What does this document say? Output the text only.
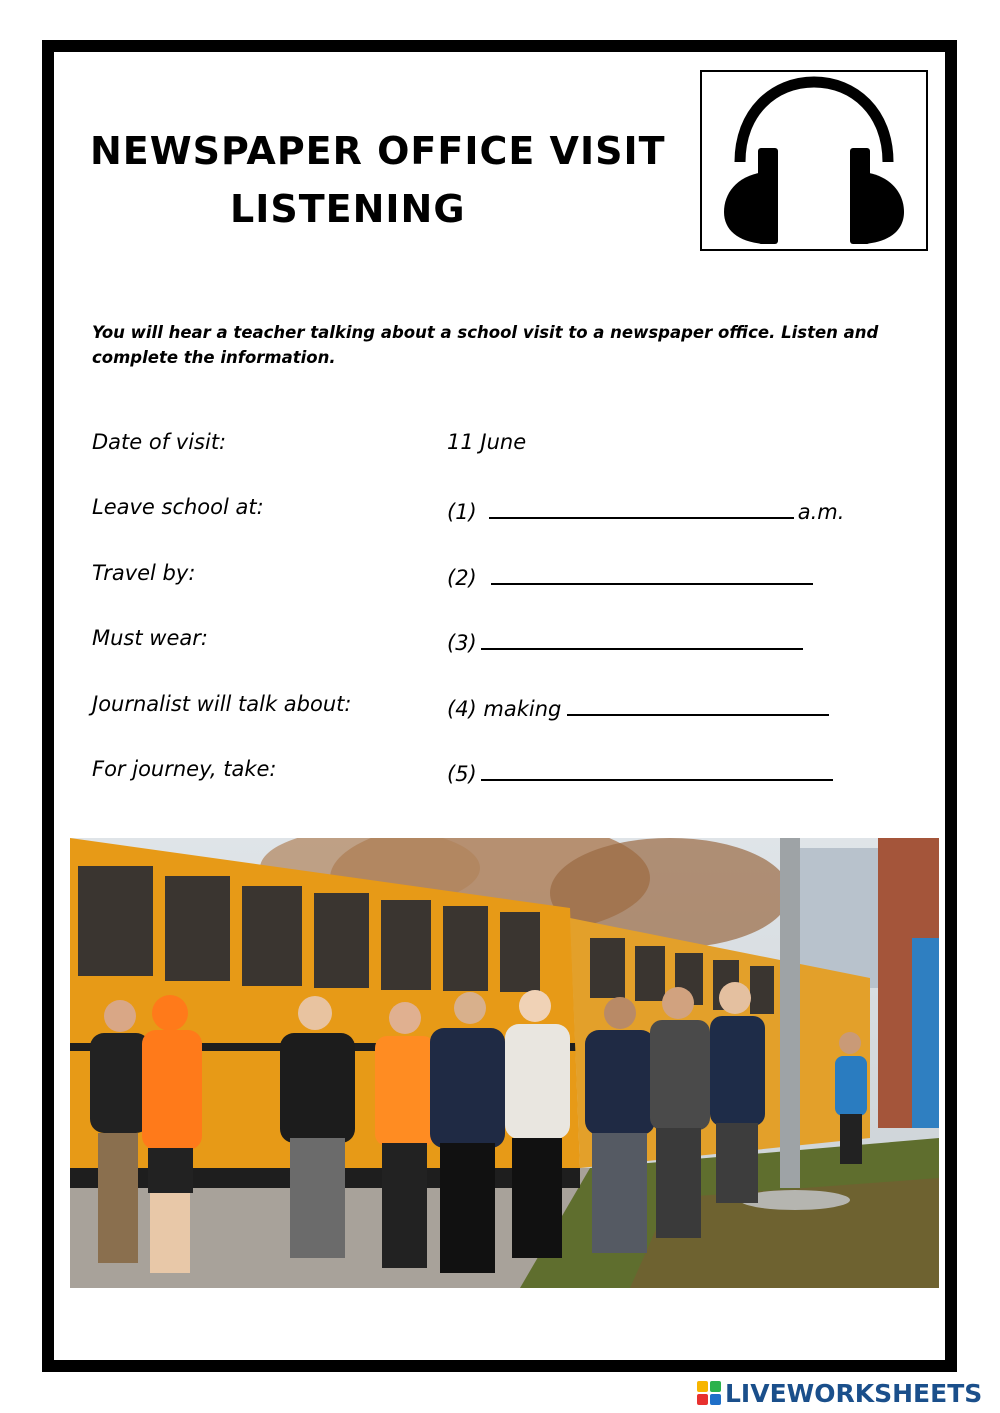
NEWSPAPER OFFICE VISIT
LISTENING
You will hear a teacher talking about a school visit to a newspaper office. Listen and complete the information.
Date of visit:	11 June
Leave school at:	(1)	a.m.
Travel by:	(2)
Must wear:	(3)
Journalist will talk about:	(4) making
For journey, take:	(5)
LIVEWORKSHEETS
